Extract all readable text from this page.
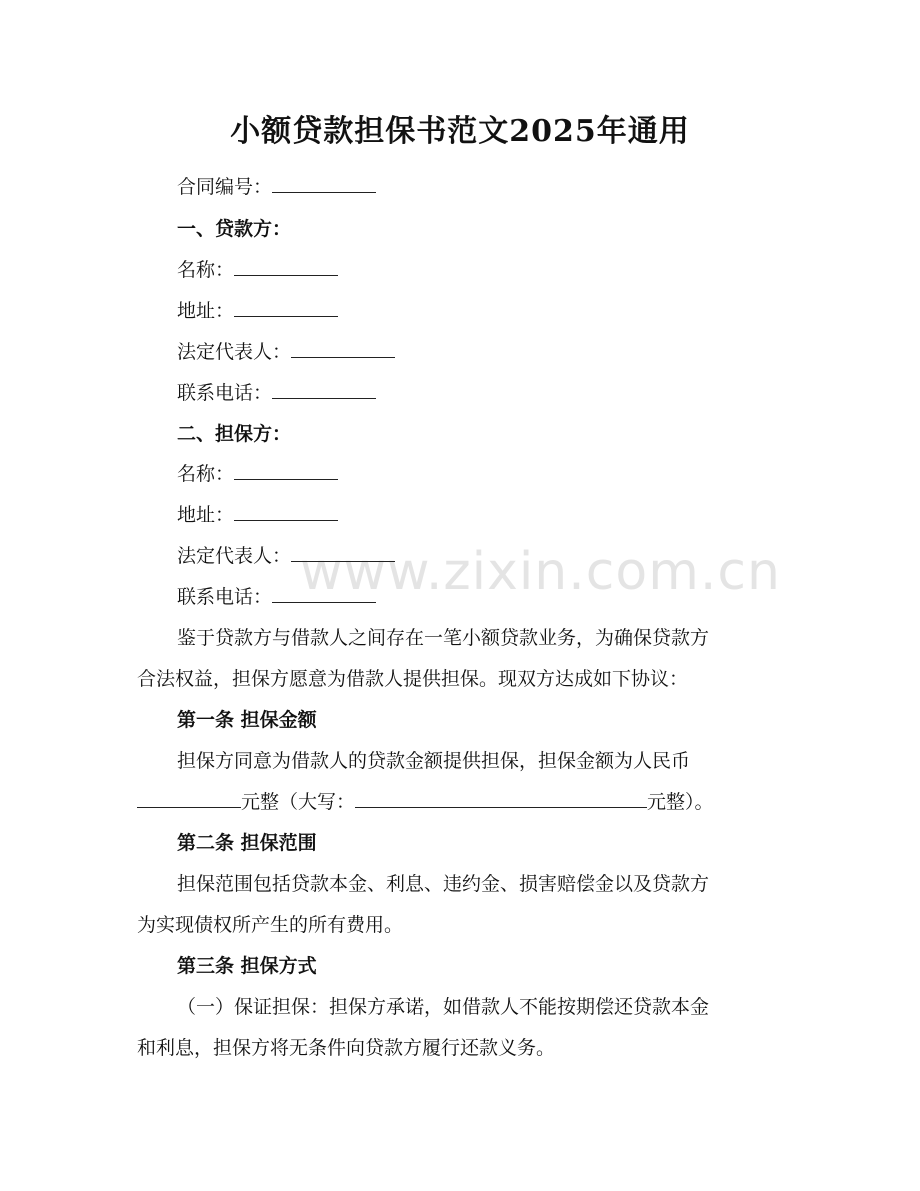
www.zixin.com.cn
小额贷款担保书范文2025年通用
合同编号：
一、贷款方：
名称：
地址：
法定代表人：
联系电话：
二、担保方：
名称：
地址：
法定代表人：
联系电话：
鉴于贷款方与借款人之间存在一笔小额贷款业务，为确保贷款方
合法权益，担保方愿意为借款人提供担保。现双方达成如下协议：
第一条 担保金额
担保方同意为借款人的贷款金额提供担保，担保金额为人民币
元整（大写：	元整）。
第二条 担保范围
担保范围包括贷款本金、利息、违约金、损害赔偿金以及贷款方
为实现债权所产生的所有费用。
第三条 担保方式
（一）保证担保：担保方承诺，如借款人不能按期偿还贷款本金
和利息，担保方将无条件向贷款方履行还款义务。
